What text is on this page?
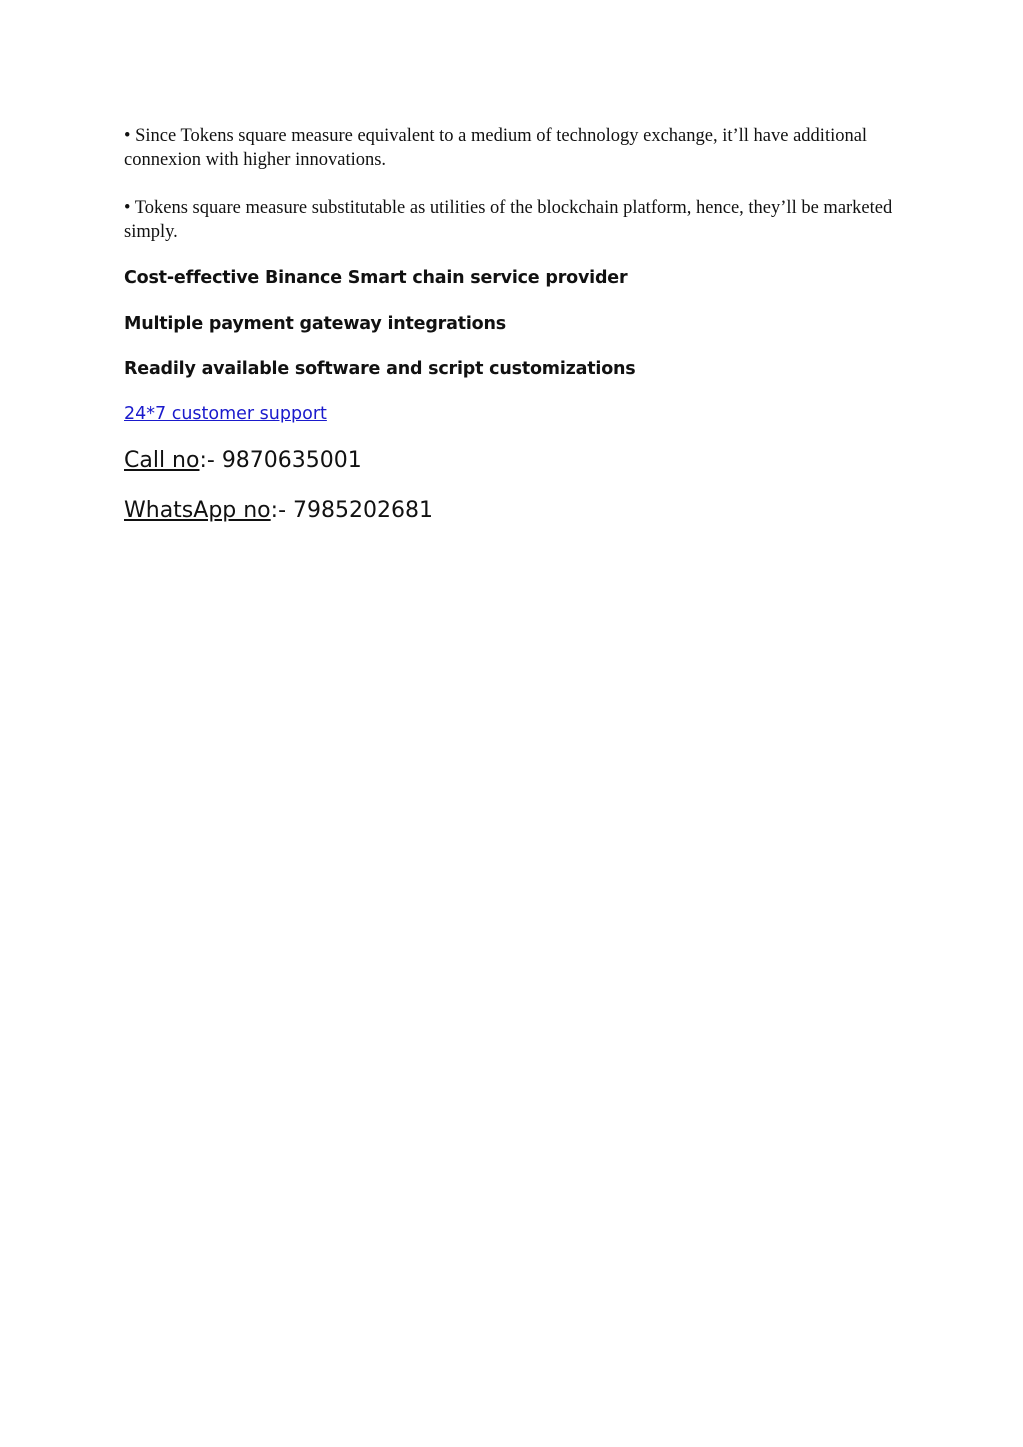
• Since Tokens square measure equivalent to a medium of technology exchange, it’ll have additional connexion with higher innovations.
• Tokens square measure substitutable as utilities of the blockchain platform, hence, they’ll be marketed simply.
Cost-effective Binance Smart chain service provider
Multiple payment gateway integrations
Readily available software and script customizations
24*7 customer support
Call no:- 9870635001
WhatsApp no:- 7985202681
